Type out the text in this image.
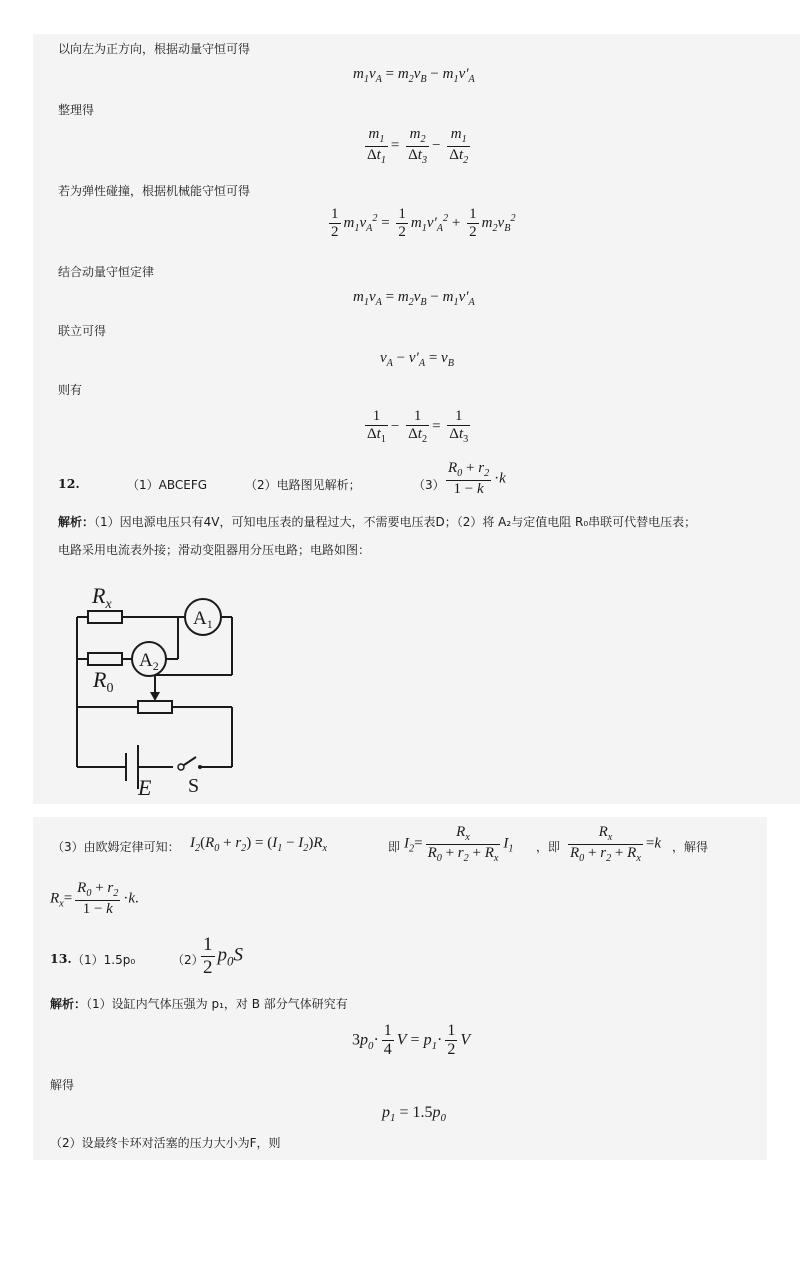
以向左为正方向，根据动量守恒可得
$m_1v_A = m_2v_B - m_1v'_A$
整理得
$\frac{m_1}{\Delta t_1} = \frac{m_2}{\Delta t_3} - \frac{m_1}{\Delta t_2}$
若为弹性碰撞，根据机械能守恒可得
$\frac{1}{2} m_1v_A^2 = \frac{1}{2} m_1v'_A^2 + \frac{1}{2} m_2v_B^2$
结合动量守恒定律
$m_1v_A = m_2v_B - m_1v'_A$
联立可得
$v_A - v'_A = v_B$
则有
$\frac{1}{\Delta t_1} - \frac{1}{\Delta t_2} = \frac{1}{\Delta t_3}$
12.	（1）ABCEFG	（2）电路图见解析；	$(3) \frac{R_0 + r_2}{1 - k} \cdot k$
解析：（1）因电源电压只有4V，可知电压表的量程过大，不需要电压表D；（2）将 A₂与定值电阻 R₀串联可代替电压表；
电路采用电流表外接；滑动变阻器用分压电路；电路如图：
$R_x$
$R_0$
$A_1$
$A_2$
E S
（3）由欧姆定律可知： $I_2(R_0 + r_2) = (I_1 - I_2)R_x$	即 $I_2= \frac{R_x}{R_0 + r_2 + R_x} I_1$ ，即 $\frac{R_x}{R_0 + r_2 + R_x} =k$ ，解得
$R_x= \frac{R_0 + r_2}{1 - k} \cdot k$.
13. （1）1.5p₀	（2）
$\frac{1}{2} p_0S$
解析：（1）设缸内气体压强为 p₁，对 B 部分气体研究有
$3p_0\cdot \frac{1}{4}$ $V = p_1\cdot \frac{1}{2}$ V
解得
$p_1 = 1.5p_0$
（2）设最终卡环对活塞的压力大小为F，则
